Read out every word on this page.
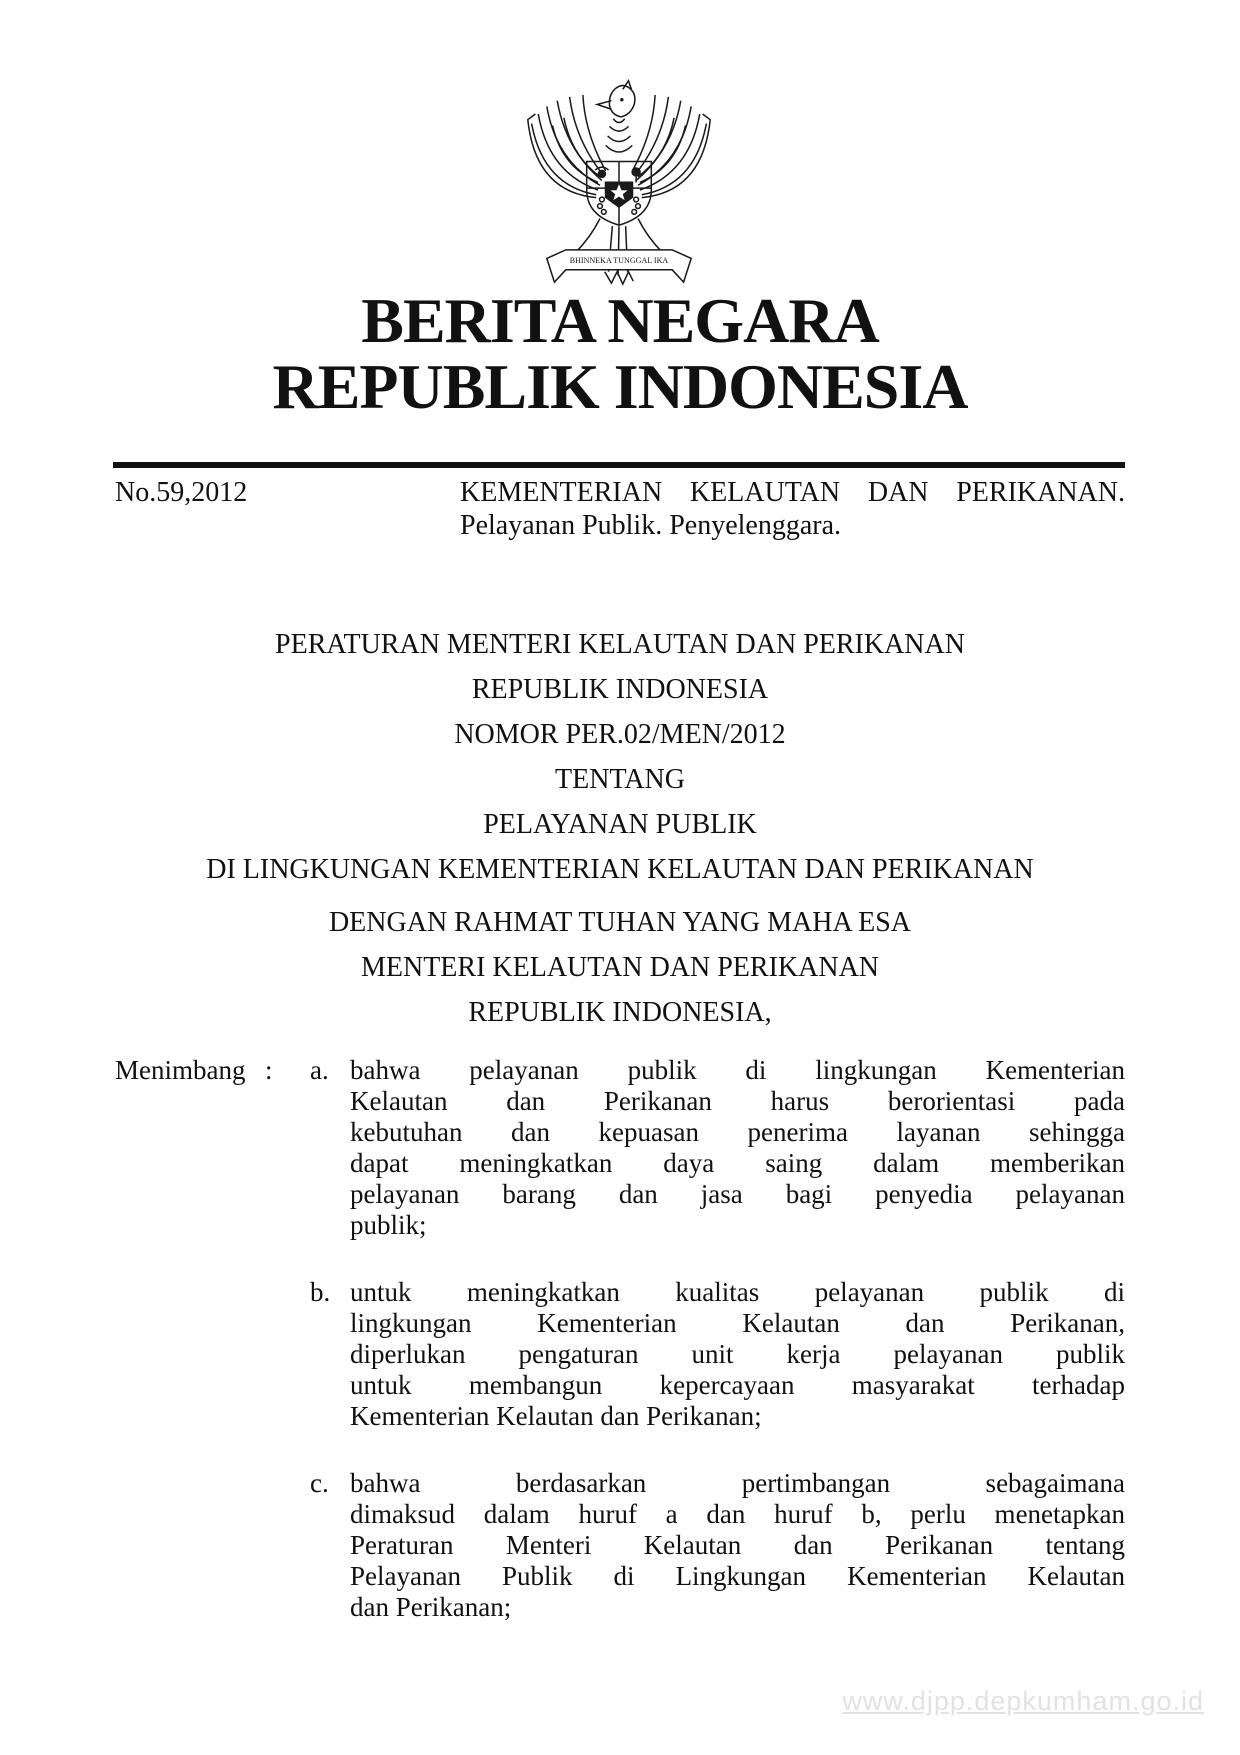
BHINNEKA TUNGGAL IKA
BERITA NEGARA
REPUBLIK INDONESIA
No.59,2012	KEMENTERIAN KELAUTAN DAN PERIKANAN.
Pelayanan Publik. Penyelenggara.
PERATURAN MENTERI KELAUTAN DAN PERIKANAN
REPUBLIK INDONESIA
NOMOR PER.02/MEN/2012
TENTANG
PELAYANAN PUBLIK
DI LINGKUNGAN KEMENTERIAN KELAUTAN DAN PERIKANAN
DENGAN RAHMAT TUHAN YANG MAHA ESA
MENTERI KELAUTAN DAN PERIKANAN
REPUBLIK INDONESIA,
Menimbang :	a. bahwa pelayanan publik di lingkungan Kementerian
Kelautan dan Perikanan harus berorientasi pada
kebutuhan dan kepuasan penerima layanan sehingga
dapat meningkatkan daya saing dalam memberikan
pelayanan barang dan jasa bagi penyedia pelayanan
publik;
b. untuk meningkatkan kualitas pelayanan publik di
lingkungan Kementerian Kelautan dan Perikanan,
diperlukan pengaturan unit kerja pelayanan publik
untuk membangun kepercayaan masyarakat terhadap
Kementerian Kelautan dan Perikanan;
c. bahwa berdasarkan pertimbangan sebagaimana
dimaksud dalam huruf a dan huruf b, perlu menetapkan
Peraturan Menteri Kelautan dan Perikanan tentang
Pelayanan Publik di Lingkungan Kementerian Kelautan
dan Perikanan;
www.djpp.depkumham.go.id
